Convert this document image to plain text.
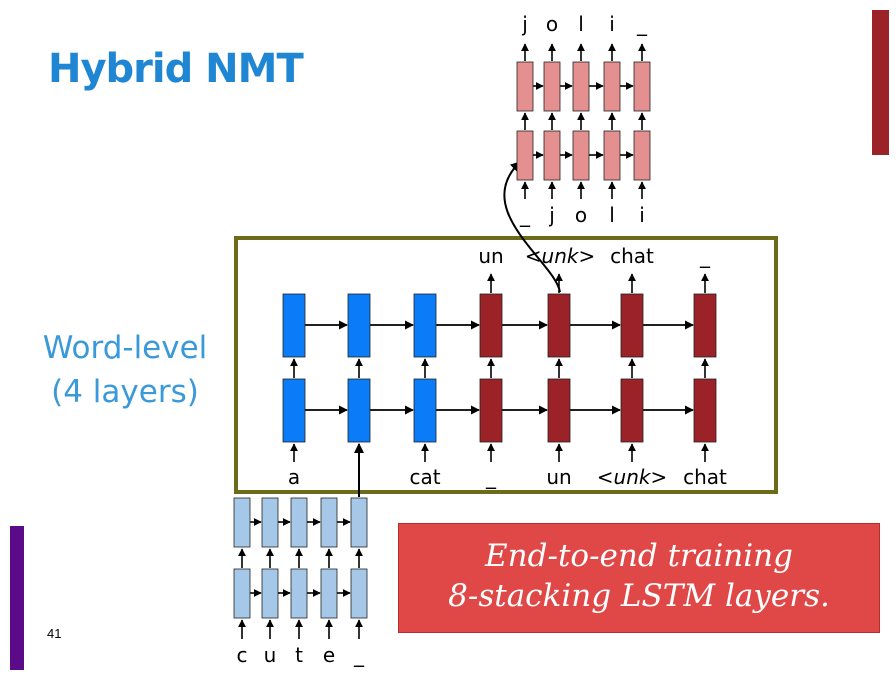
Hybrid NMT
Word-level
(4 layers)
41
a	cat _	un <unk> chat
un <unk> chat _
c u t e _
j
_
o
j
l
o
i
l
_
i
End-to-end training
8-stacking LSTM layers.
